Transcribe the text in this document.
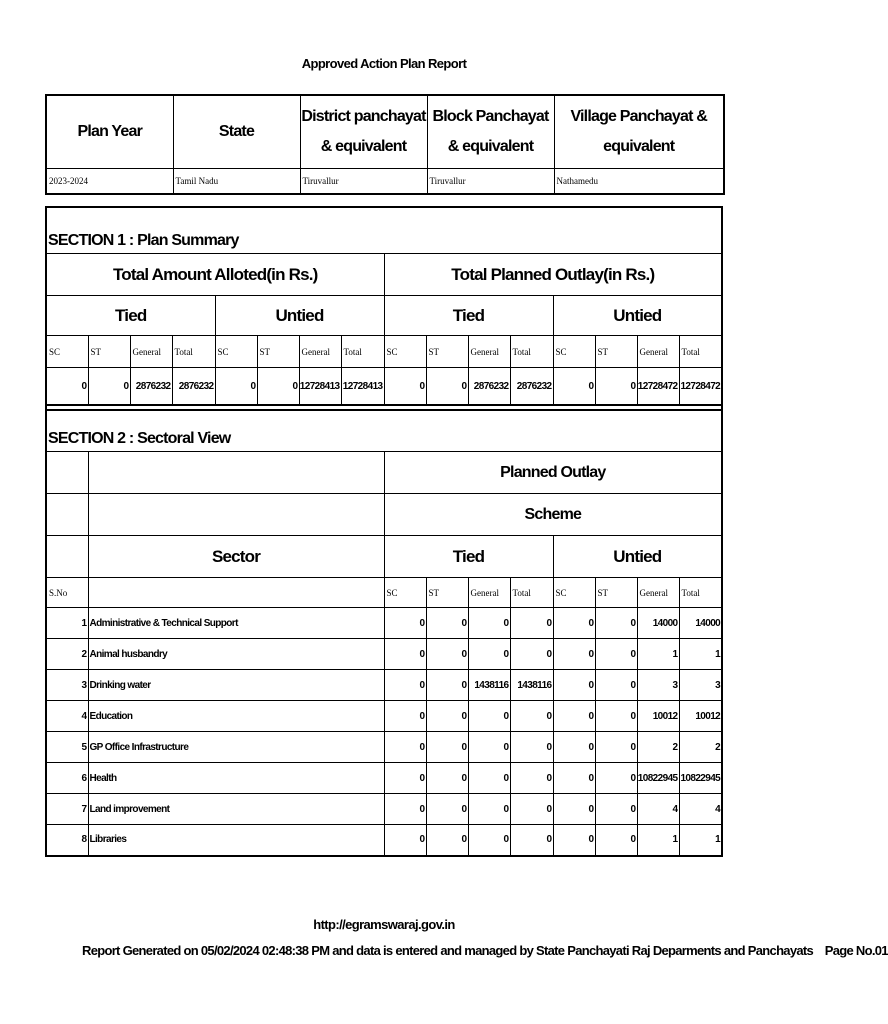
Approved Action Plan Report
Plan Year	State	District panchayat & equivalent	Block Panchayat & equivalent	Village Panchayat & equivalent
2023-2024	Tamil Nadu	Tiruvallur	Tiruvallur	Nathamedu
SECTION 1 : Plan Summary															
Total Amount Alloted(in Rs.)								Total Planned Outlay(in Rs.)							
Tied				Untied				Tied				Untied			
SC	ST	General	Total	SC	ST	General	Total	SC	ST	General	Total	SC	ST	General	Total
0	0	2876232	2876232	0	0	12728413	12728413	0	0	2876232	2876232	0	0	12728472	12728472

SECTION 2 : Sectoral View									
		Planned Outlay							
		Scheme							
	Sector	Tied				Untied			
S.No		SC	ST	General	Total	SC	ST	General	Total
1	Administrative & Technical Support	0	0	0	0	0	0	14000	14000
2	Animal husbandry	0	0	0	0	0	0	1	1
3	Drinking water	0	0	1438116	1438116	0	0	3	3
4	Education	0	0	0	0	0	0	10012	10012
5	GP Office Infrastructure	0	0	0	0	0	0	2	2
6	Health	0	0	0	0	0	0	10822945	10822945
7	Land improvement	0	0	0	0	0	0	4	4
8	Libraries	0	0	0	0	0	0	1	1
http://egramswaraj.gov.in
Report Generated on 05/02/2024 02:48:38 PM and data is entered and managed by State Panchayati Raj Deparments and Panchayats Page No.01
